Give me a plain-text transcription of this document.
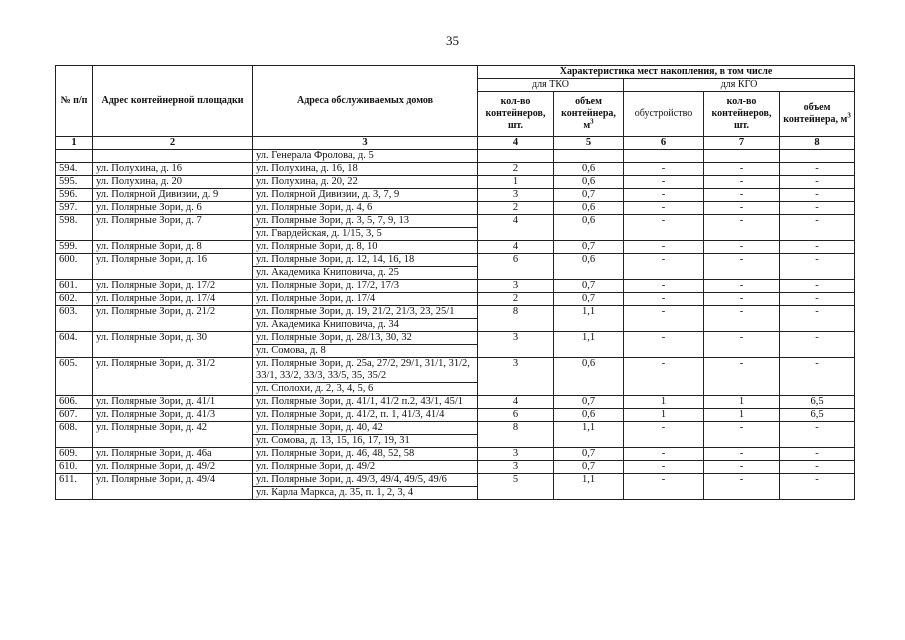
35
№ п/п	Адрес контейнерной площадки	Адреса обслуживаемых домов	Характеристика мест накопления, в том числе				
			для ТКО		для КГО		
			кол-во контейнеров, шт.	объем контейнера, $м^3$	обустройство	кол-во контейнеров, шт.	объем контейнера, $м^3$
1	2	3	4	5	6	7	8
		ул. Генерала Фролова, д. 5					
594.	ул. Полухина, д. 16	ул. Полухина, д. 16, 18	2	0,6	-	-	-
595.	ул. Полухина, д. 20	ул. Полухина, д. 20, 22	1	0,6	-	-	-
596.	ул. Полярной Дивизии, д. 9	ул. Полярной Дивизии, д. 3, 7, 9	3	0,7	-	-	-
597.	ул. Полярные Зори, д. 6	ул. Полярные Зори, д. 4, 6	2	0,6	-	-	-
598.	ул. Полярные Зори, д. 7	ул. Полярные Зори, д. 3, 5, 7, 9, 13	4	0,6	-	-	-
		ул. Гвардейская, д. 1/15, 3, 5					
599.	ул. Полярные Зори, д. 8	ул. Полярные Зори, д. 8, 10	4	0,7	-	-	-
600.	ул. Полярные Зори, д. 16	ул. Полярные Зори, д. 12, 14, 16, 18	6	0,6	-	-	-
		ул. Академика Книповича, д. 25					
601.	ул. Полярные Зори, д. 17/2	ул. Полярные Зори, д. 17/2, 17/3	3	0,7	-	-	-
602.	ул. Полярные Зори, д. 17/4	ул. Полярные Зори, д. 17/4	2	0,7	-	-	-
603.	ул. Полярные Зори, д. 21/2	ул. Полярные Зори, д. 19, 21/2, 21/3, 23, 25/1	8	1,1	-	-	-
		ул. Академика Книповича, д. 34					
604.	ул. Полярные Зори, д. 30	ул. Полярные Зори, д. 28/13, 30, 32	3	1,1	-	-	-
		ул. Сомова, д. 8					
605.	ул. Полярные Зори, д. 31/2	ул. Полярные Зори, д. 25а, 27/2, 29/1, 31/1, 31/2, 33/1, 33/2, 33/3, 33/5, 35, 35/2	3	0,6	-	-	-
		ул. Сполохи, д. 2, 3, 4, 5, 6					
606.	ул. Полярные Зори, д. 41/1	ул. Полярные Зори, д. 41/1, 41/2 п.2, 43/1, 45/1	4	0,7	1	1	6,5
607.	ул. Полярные Зори, д. 41/3	ул. Полярные Зори, д. 41/2, п. 1, 41/3, 41/4	6	0,6	1	1	6,5
608.	ул. Полярные Зори, д. 42	ул. Полярные Зори, д. 40, 42	8	1,1	-	-	-
		ул. Сомова, д. 13, 15, 16, 17, 19, 31					
609.	ул. Полярные Зори, д. 46а	ул. Полярные Зори, д. 46, 48, 52, 58	3	0,7	-	-	-
610.	ул. Полярные Зори, д. 49/2	ул. Полярные Зори, д. 49/2	3	0,7	-	-	-
611.	ул. Полярные Зори, д. 49/4	ул. Полярные Зори, д. 49/3, 49/4, 49/5, 49/6	5	1,1	-	-	-
		ул. Карла Маркса, д. 35, п. 1, 2, 3, 4					
